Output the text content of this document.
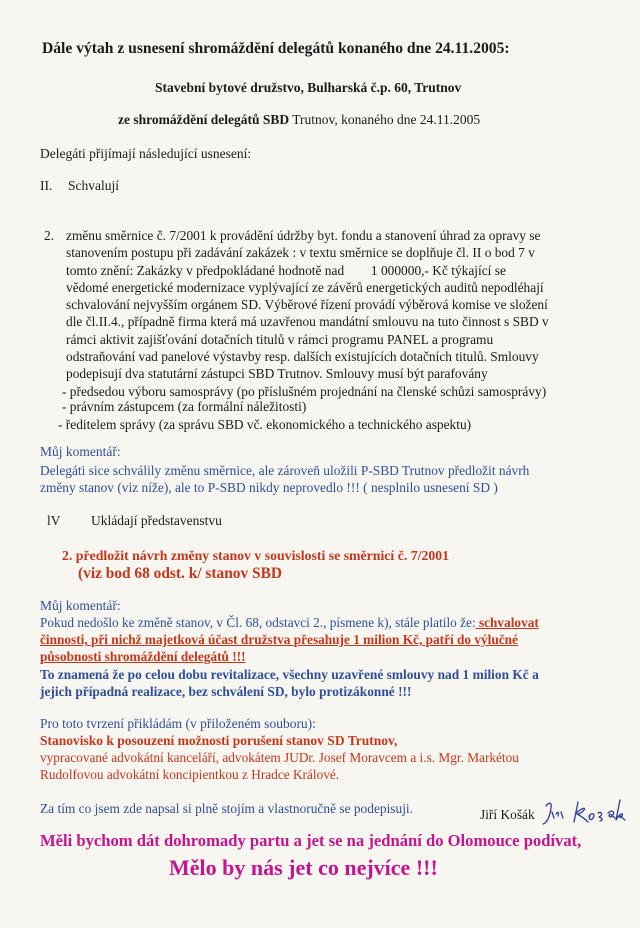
Dále výtah z usnesení shromáždění delegátů konaného dne 24.11.2005:
Stavební bytové družstvo, Bulharská č.p. 60, Trutnov
ze shromáždění delegátů SBD Trutnov, konaného dne 24.11.2005
Delegáti přijímají následující usnesení:
II. Schvalují
2. změnu směrnice č. 7/2001 k provádění údržby byt. fondu a stanovení úhrad za opravy se
stanovením postupu při zadávání zakázek : v textu směrnice se doplňuje čl. II o bod 7 v
tomto znění: Zakázky v předpokládané hodnotě nad        1 000000,- Kč týkající se
vědomé energetické modernizace vyplývající ze závěrů energetických auditů nepodléhají
schvalování nejvyšším orgánem SD. Výběrové řízení provádí výběrová komise ve složení
dle čl.II.4., případně firma která má uzavřenou mandátní smlouvu na tuto činnost s SBD v
rámci aktivit zajišťování dotačních titulů v rámci programu PANEL a programu
odstraňování vad panelové výstavby resp. dalších existujících dotačních titulů. Smlouvy
podepisují dva statutární zástupci SBD Trutnov. Smlouvy musí být parafovány
- předsedou výboru samosprávy (po příslušném projednání na členské schůzi samosprávy)
- právním zástupcem (za formální náležitosti)
- ředitelem správy (za správu SBD vč. ekonomického a technického aspektu)
Můj komentář:
Delegáti sice schválily změnu směrnice, ale zároveň uložili P-SBD Trutnov předložit návrh
změny stanov (viz níže), ale to P-SBD nikdy neprovedlo !!! ( nesplnilo usnesení SD )
lV Ukládají představenstvu
2. předložit návrh změny stanov v souvislosti se směrnicí č. 7/2001
(viz bod 68 odst. k/ stanov SBD
Můj komentář:
Pokud nedošlo ke změně stanov, v Čl. 68, odstavci 2., písmene k), stále platilo že: schvalovat
činnosti, při nichž majetková účast družstva přesahuje 1 milion Kč, patří do výlučné
působnosti shromáždění delegátů !!!
To znamená že po celou dobu revitalizace, všechny uzavřené smlouvy nad 1 milion Kč a
jejich případná realizace, bez schválení SD, bylo protizákonné !!!
Pro toto tvrzení přikládám (v přiloženém souboru):
Stanovisko k posouzení možnosti porušení stanov SD Trutnov,
vypracované advokátní kanceláří, advokátem JUDr. Josef Moravcem a i.s. Mgr. Markétou
Rudolfovou advokátní koncipientkou z Hradce Králové.
Za tím co jsem zde napsal si plně stojím a vlastnoručně se podepisuji.	Jiří Košák
Měli bychom dát dohromady partu a jet se na jednání do Olomouce podívat,
Mělo by nás jet co nejvíce !!!
